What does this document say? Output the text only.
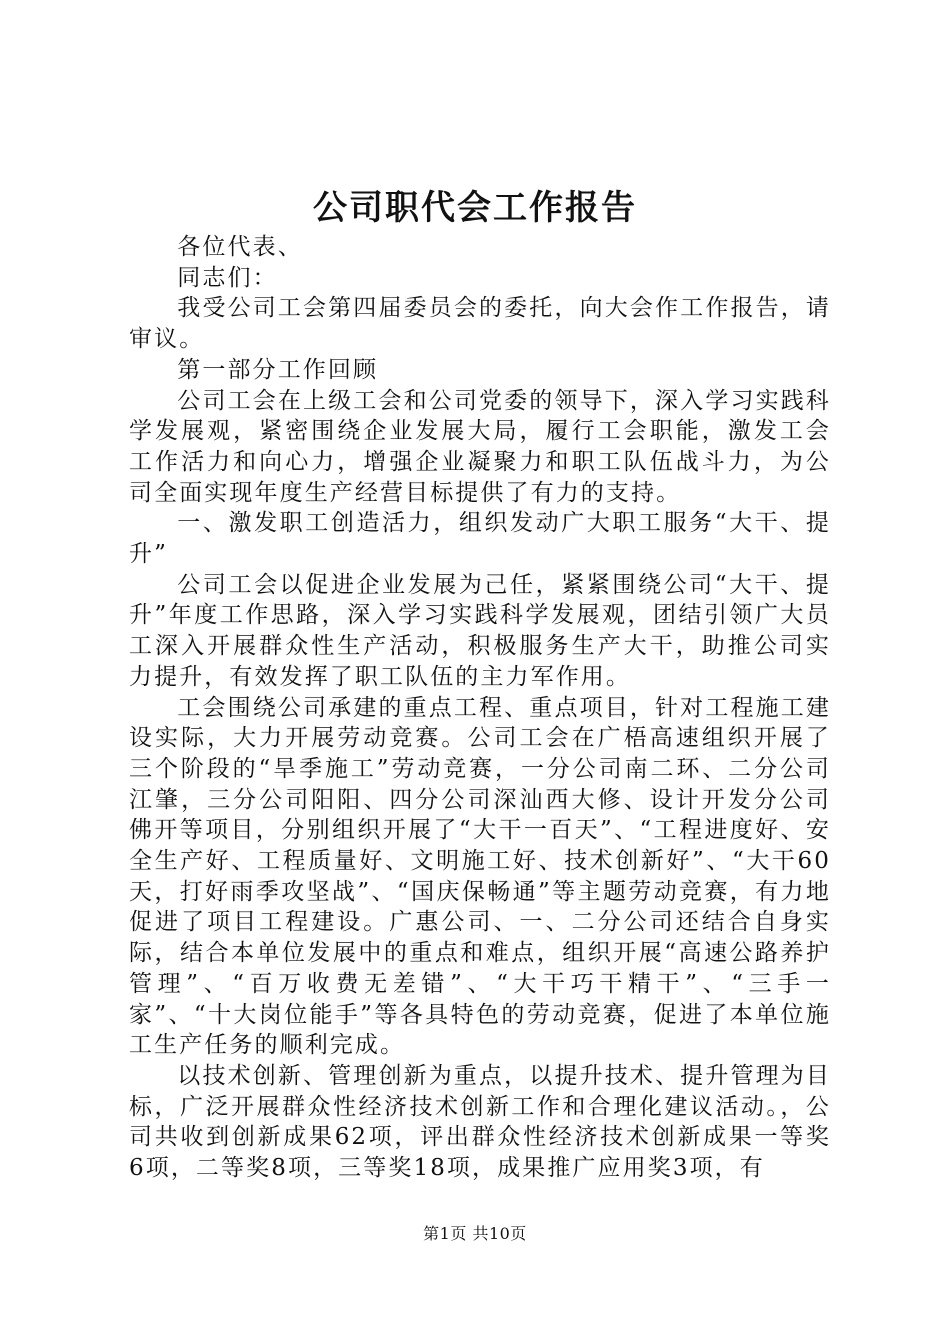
公司职代会工作报告

各位代表、

同志们：

我受公司工会第四届委员会的委托，向大会作工作报告，请审议。

第一部分工作回顾

公司工会在上级工会和公司党委的领导下，深入学习实践科学发展观，紧密围绕企业发展大局，履行工会职能，激发工会工作活力和向心力，增强企业凝聚力和职工队伍战斗力，为公司全面实现年度生产经营目标提供了有力的支持。

一、激发职工创造活力，组织发动广大职工服务“大干、提升”

公司工会以促进企业发展为己任，紧紧围绕公司“大干、提升”年度工作思路，深入学习实践科学发展观，团结引领广大员工深入开展群众性生产活动，积极服务生产大干，助推公司实力提升，有效发挥了职工队伍的主力军作用。

工会围绕公司承建的重点工程、重点项目，针对工程施工建设实际，大力开展劳动竞赛。公司工会在广梧高速组织开展了三个阶段的“旱季施工”劳动竞赛，一分公司南二环、二分公司江肇，三分公司阳阳、四分公司深汕西大修、设计开发分公司佛开等项目，分别组织开展了“大干一百天”、“工程进度好、安全生产好、工程质量好、文明施工好、技术创新好”、“大干60天，打好雨季攻坚战”、“国庆保畅通”等主题劳动竞赛，有力地促进了项目工程建设。广惠公司、一、二分公司还结合自身实际，结合本单位发展中的重点和难点，组织开展“高速公路养护管理”、“百万收费无差错”、“大干巧干精干”、“三手一家”、“十大岗位能手”等各具特色的劳动竞赛，促进了本单位施工生产任务的顺利完成。

以技术创新、管理创新为重点，以提升技术、提升管理为目标，广泛开展群众性经济技术创新工作和合理化建议活动。，公司共收到创新成果62项，评出群众性经济技术创新成果一等奖6项，二等奖8项，三等奖18项，成果推广应用奖3项，有

第1页 共10页
